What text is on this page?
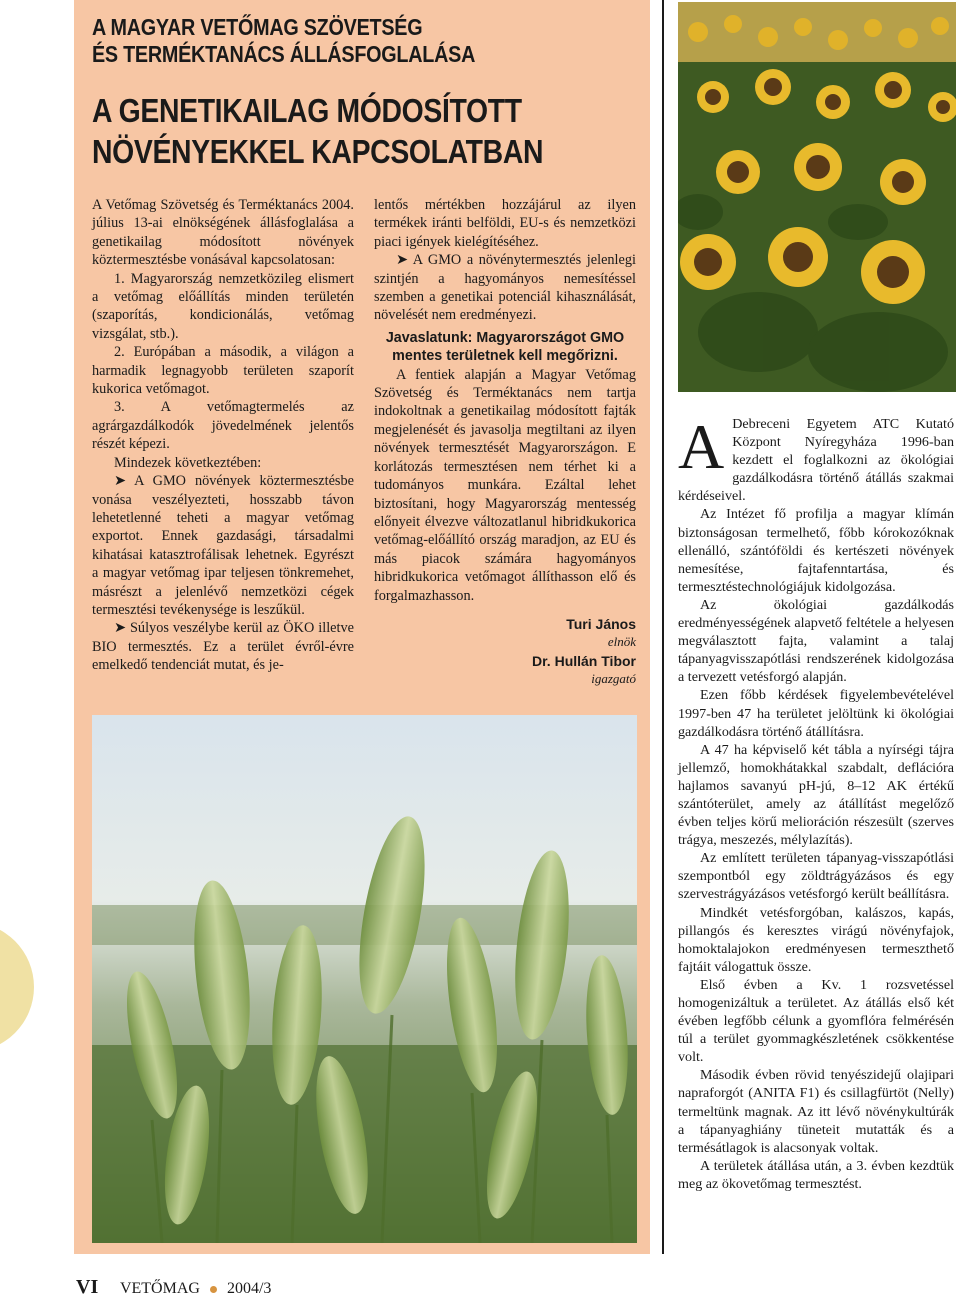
A MAGYAR VETŐMAG SZÖVETSÉG
ÉS TERMÉKTANÁCS ÁLLÁSFOGLALÁSA
A GENETIKAILAG MÓDOSÍTOTT
NÖVÉNYEKKEL KAPCSOLATBAN

A Vetőmag Szövetség és Terméktanács 2004. július 13-ai elnökségének állásfoglalása a genetikailag módosított növények köztermesztésbe vonásával kapcsolatosan:

1. Magyarország nemzetközileg elismert a vetőmag előállítás minden területén (szaporítás, kondicionálás, vetőmag vizsgálat, stb.).

2. Európában a második, a világon a harmadik legnagyobb területen szaporít kukorica vetőmagot.

3. A vetőmagtermelés az agrárgazdálkodók jövedelmének jelentős részét képezi.

Mindezek következtében:

➤ A GMO növények köztermesztésbe vonása veszélyezteti, hosszabb távon lehetetlenné teheti a magyar vetőmag exportot. Ennek gazdasági, társadalmi kihatásai katasztrofálisak lehetnek. Egyrészt a magyar vetőmag ipar teljesen tönkremehet, másrészt a jelenlévő nemzetközi cégek termesztési tevékenysége is leszűkül.

➤ Súlyos veszélybe kerül az ÖKO illetve BIO termesztés. Ez a terület évről-évre emelkedő tendenciát mutat, és je-

lentős mértékben hozzájárul az ilyen termékek iránti belföldi, EU-s és nemzetközi piaci igények kielégítéséhez.

➤ A GMO a növénytermesztés jelenlegi szintjén a hagyományos nemesítéssel szemben a genetikai potenciál kihasználását, növelését nem eredményezi.

Javaslatunk: Magyarországot GMO mentes területnek kell megőrizni.

A fentiek alapján a Magyar Vetőmag Szövetség és Terméktanács nem tartja indokoltnak a genetikailag módosított fajták megjelenését és javasolja megtiltani az ilyen növények termesztését Magyarországon. E korlátozás termesztésen nem térhet ki a tudományos munkára. Ezáltal lehet biztosítani, hogy Magyarország mentesség előnyeit élvezve változatlanul hibridkukorica vetőmag-előállító ország maradjon, az EU és más piacok számára hagyományos hibridkukorica vetőmagot állíthasson elő és forgalmazhasson.

Turi János

elnök

Dr. Hullán Tibor

igazgató

A Debreceni Egyetem ATC Kutató Központ Nyíregyháza 1996-ban kezdett el foglalkozni az ökológiai gazdálkodásra történő átállás szakmai kérdéseivel.

Az Intézet fő profilja a magyar klímán biztonságosan termelhető, főbb kórokozóknak ellenálló, szántóföldi és kertészeti növények nemesítése, fajtafenntartása, és termesztéstechnológiájuk kidolgozása.

Az ökológiai gazdálkodás eredményességének alapvető feltétele a helyesen megválasztott fajta, valamint a talaj tápanyagvisszapótlási rendszerének kidolgozása a tervezett vetésforgó alapján.

Ezen főbb kérdések figyelembevételével 1997-ben 47 ha területet jelöltünk ki ökológiai gazdálkodásra történő átállításra.

A 47 ha képviselő két tábla a nyírségi tájra jellemző, homokhátakkal szabdalt, deflációra hajlamos savanyú pH-jú, 8–12 AK értékű szántóterület, amely az átállítást megelőző évben teljes körű melioráción részesült (szerves trágya, meszezés, mélylazítás).

Az említett területen tápanyag-visszapótlási szempontból egy zöldtrágyázásos és egy szervestrágyázásos vetésforgó került beállításra.

Mindkét vetésforgóban, kalászos, kapás, pillangós és keresztes virágú növényfajok, homoktalajokon eredményesen termeszthető fajtáit válogattuk össze.

Első évben a Kv. 1 rozsvetéssel homogenizáltuk a területet. Az átállás első két évében legfőbb célunk a gyomflóra felmérésén túl a terület gyommagkészletének csökkentése volt.

Második évben rövid tenyészidejű olajipari napraforgót (ANITA F1) és csillagfürtöt (Nelly) termeltünk magnak. Az itt lévő növénykultúrák a tápanyaghiány tüneteit mutatták és a termésátlagok is alacsonyak voltak.

A területek átállása után, a 3. évben kezdtük meg az ökovetőmag termesztést.

VI VETŐMAG 2004/3
